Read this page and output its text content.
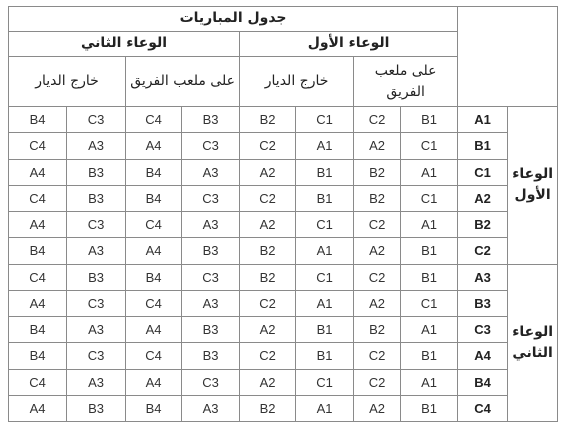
		جدول المباريات							
		الوعاء الأول				الوعاء الثاني			
		على ملعب الفريق		خارج الديار		على ملعب الفريق		خارج الديار	
الوعاء الأول	A1	B1	C2	C1	B2	B3	C4	C3	B4
	B1	C1	A2	A1	C2	C3	A4	A3	C4
	C1	A1	B2	B1	A2	A3	B4	B3	A4
	A2	C1	B2	B1	C2	C3	B4	B3	C4
	B2	A1	C2	C1	A2	A3	C4	C3	A4
	C2	B1	A2	A1	B2	B3	A4	A3	B4
الوعاء الثاني	A3	B1	C2	C1	B2	C3	B4	B3	C4
	B3	C1	A2	A1	C2	A3	C4	C3	A4
	C3	A1	B2	B1	A2	B3	A4	A3	B4
	A4	B1	C2	B1	C2	B3	C4	C3	B4
	B4	A1	C2	C1	A2	C3	A4	A3	C4
	C4	B1	A2	A1	B2	A3	B4	B3	A4
